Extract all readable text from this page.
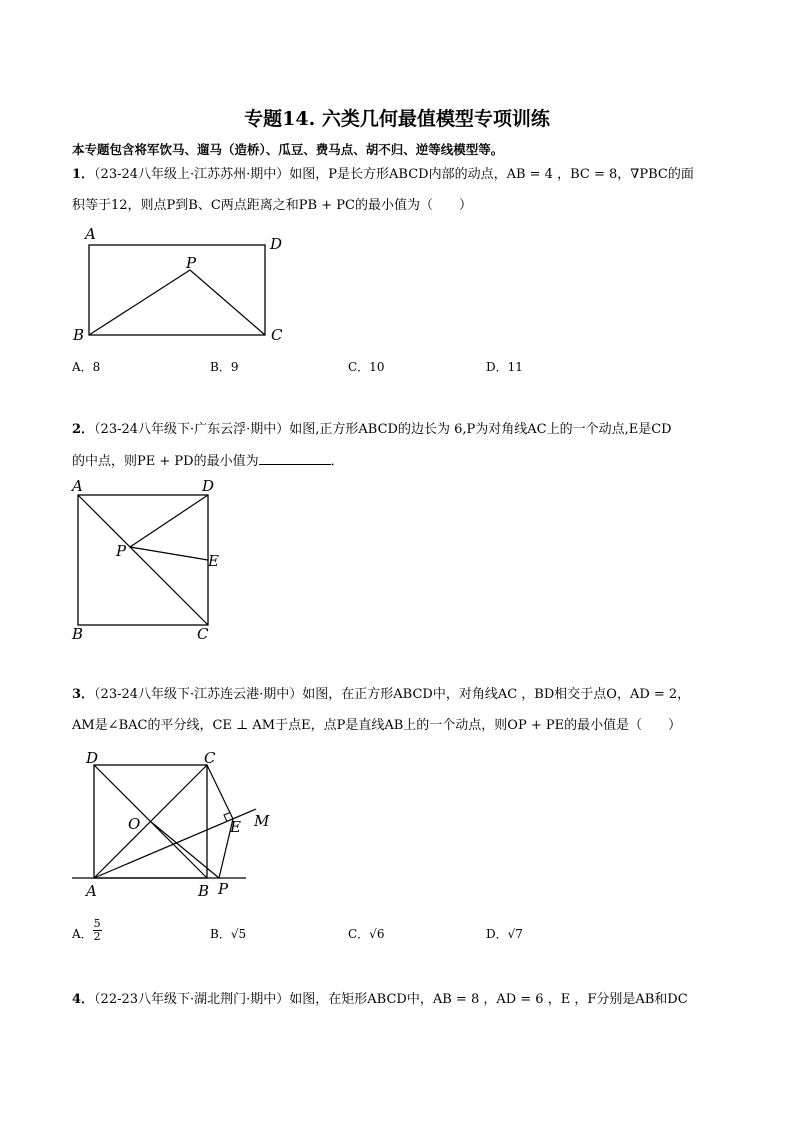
专题14. 六类几何最值模型专项训练
本专题包含将军饮马、遛马（造桥）、瓜豆、费马点、胡不归、逆等线模型等。
1．（23-24八年级上·江苏苏州·期中）如图，P是长方形ABCD内部的动点，AB = 4 ，BC = 8，∇PBC的面
积等于12，则点P到B、C两点距离之和PB + PC的最小值为（　　）
A
D
P
B	C
A．8	B．9	C．10	D．11
2．（23-24八年级下·广东云浮·期中）如图,正方形ABCD的边长为 6,P为对角线AC上的一个动点,E是CD
的中点，则PE + PD的最小值为	．
A	D
P
E
B	C
3．（23-24八年级下·江苏连云港·期中）如图，在正方形ABCD中，对角线AC ，BD相交于点O，AD = 2，
AM是∠BAC的平分线，CE ⊥ AM于点E，点P是直线AB上的一个动点，则OP + PE的最小值是（　　）
D	C
O	E M
A	B P
A． $\frac{5}{2}$	B．√5	C．√6	D．√7
4．（22-23八年级下·湖北荆门·期中）如图，在矩形ABCD中，AB = 8 ，AD = 6 ，E ，F分别是AB和DC
